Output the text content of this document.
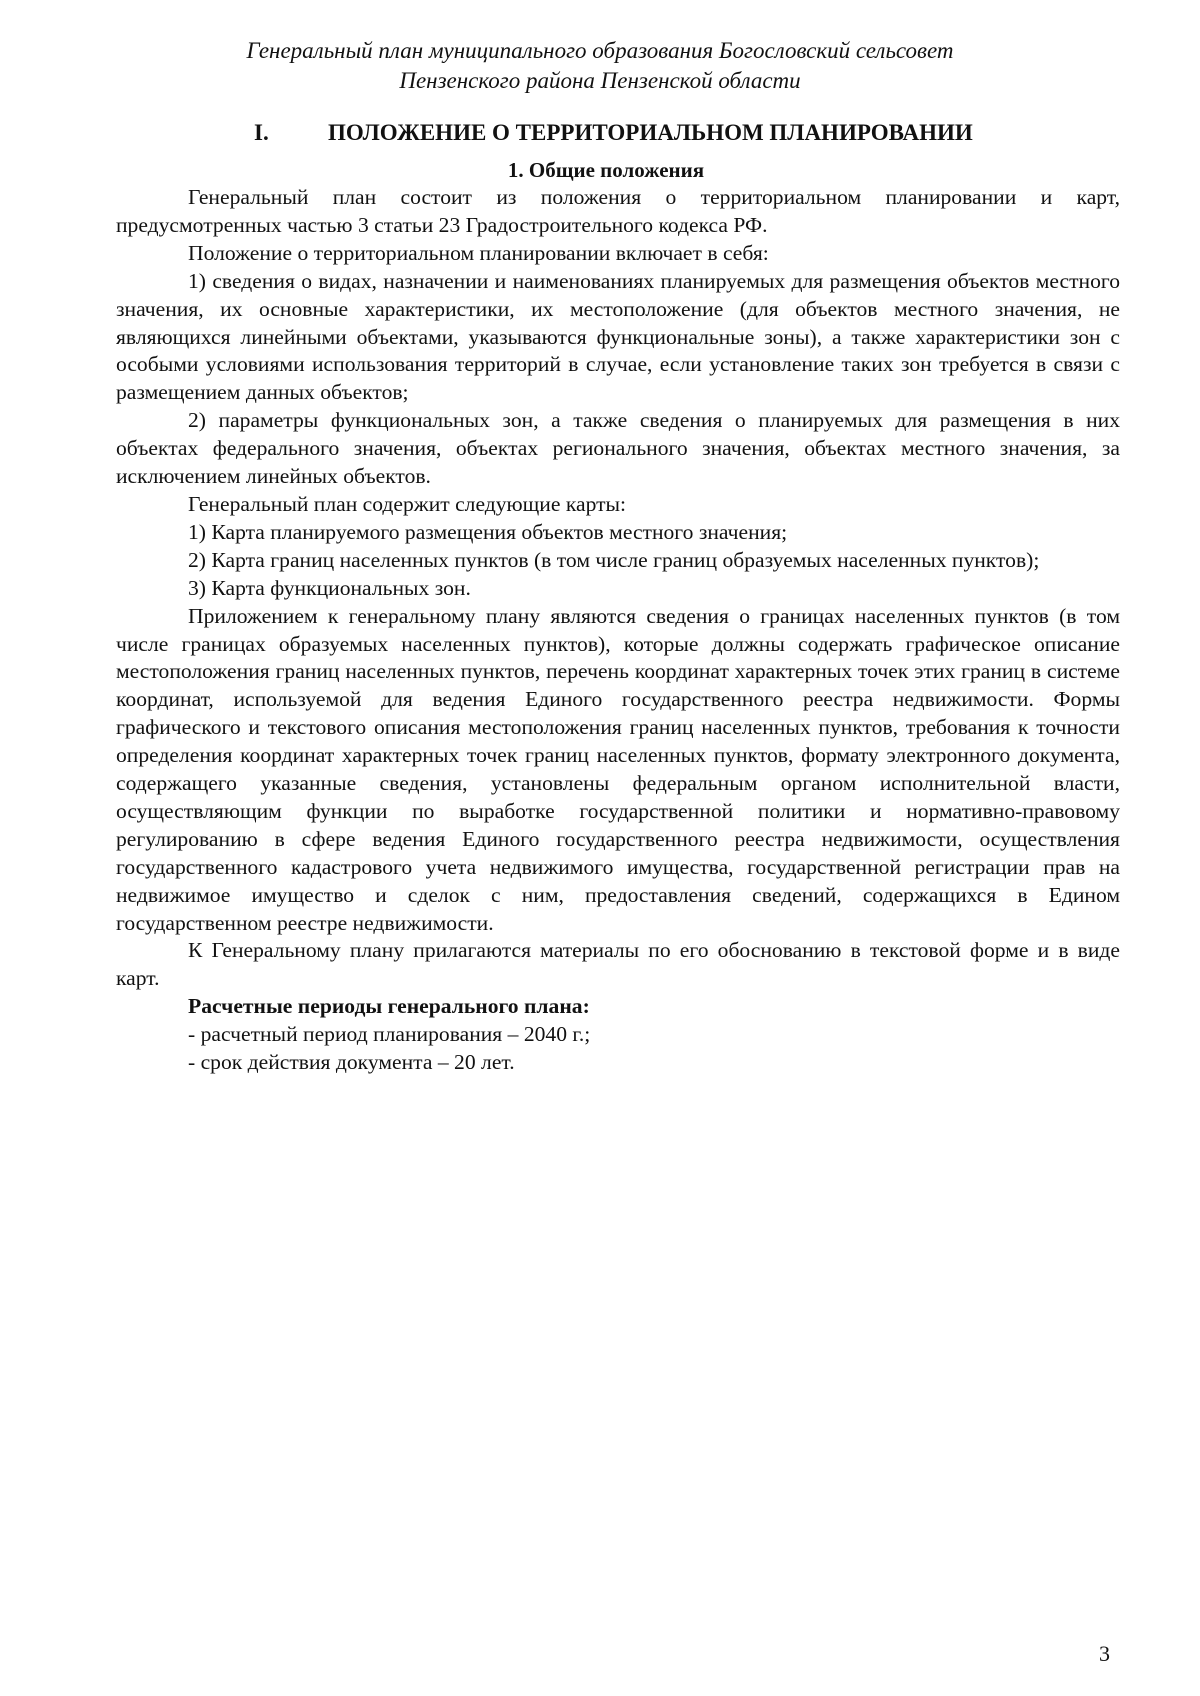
Генеральный план муниципального образования Богословский сельсовет
Пензенского района Пензенской области
I.	ПОЛОЖЕНИЕ О ТЕРРИТОРИАЛЬНОМ ПЛАНИРОВАНИИ
1. Общие положения

Генеральный план состоит из положения о территориальном планировании и карт, предусмотренных частью 3 статьи 23 Градостроительного кодекса РФ.

Положение о территориальном планировании включает в себя:

1) сведения о видах, назначении и наименованиях планируемых для размещения объектов местного значения, их основные характеристики, их местоположение (для объектов местного значения, не являющихся линейными объектами, указываются функциональные зоны), а также характеристики зон с особыми условиями использования территорий в случае, если установление таких зон требуется в связи с размещением данных объектов;

2) параметры функциональных зон, а также сведения о планируемых для размещения в них объектах федерального значения, объектах регионального значения, объектах местного значения, за исключением линейных объектов.

Генеральный план содержит следующие карты:

1) Карта планируемого размещения объектов местного значения;

2) Карта границ населенных пунктов (в том числе границ образуемых населенных пунктов);

3) Карта функциональных зон.

Приложением к генеральному плану являются сведения о границах населенных пунктов (в том числе границах образуемых населенных пунктов), которые должны содержать графическое описание местоположения границ населенных пунктов, перечень координат характерных точек этих границ в системе координат, используемой для ведения Единого государственного реестра недвижимости. Формы графического и текстового описания местоположения границ населенных пунктов, требования к точности определения координат характерных точек границ населенных пунктов, формату электронного документа, содержащего указанные сведения, установлены федеральным органом исполнительной власти, осуществляющим функции по выработке государственной политики и нормативно-правовому регулированию в сфере ведения Единого государственного реестра недвижимости, осуществления государственного кадастрового учета недвижимого имущества, государственной регистрации прав на недвижимое имущество и сделок с ним, предоставления сведений, содержащихся в Едином государственном реестре недвижимости.

К Генеральному плану прилагаются материалы по его обоснованию в текстовой форме и в виде карт.

Расчетные периоды генерального плана:

- расчетный период планирования – 2040 г.;

- срок действия документа – 20 лет.

3
